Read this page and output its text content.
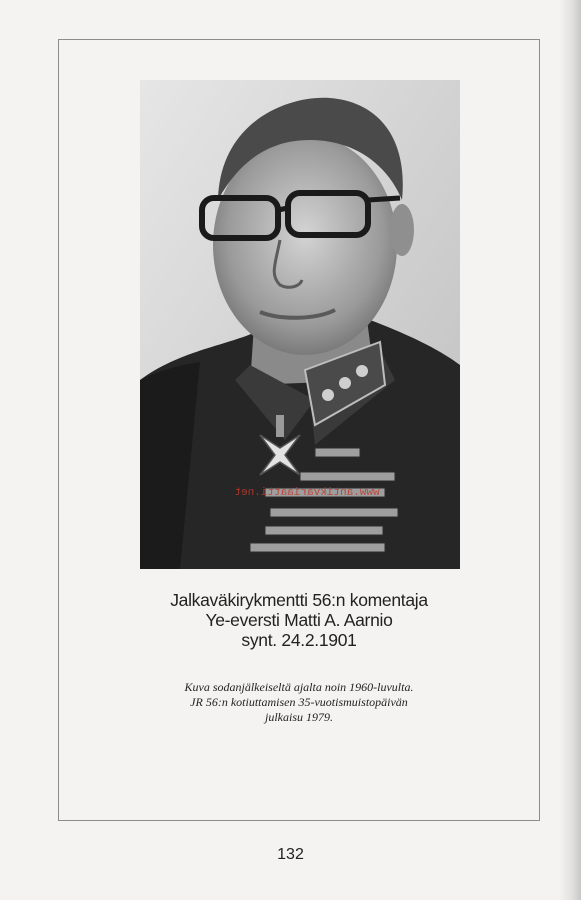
www.antikvariaatti.net
Jalkaväkirykmentti 56:n komentaja
Ye-eversti Matti A. Aarnio
synt. 24.2.1901
Kuva sodanjälkeiseltä ajalta noin 1960-luvulta.
JR 56:n kotiuttamisen 35-vuotismuistopäivän
julkaisu 1979.
132
